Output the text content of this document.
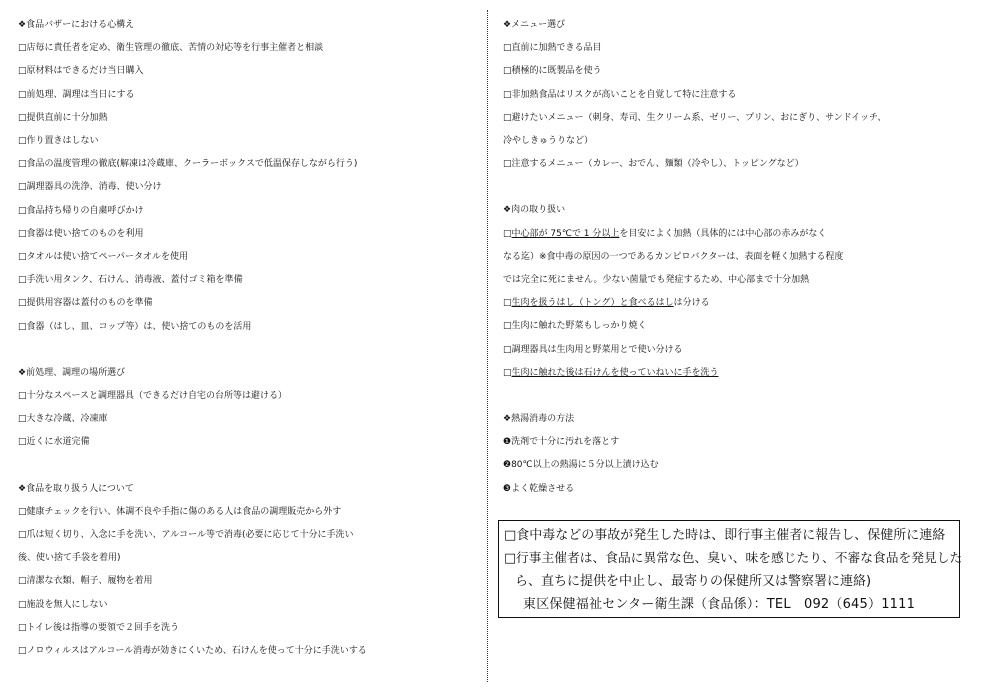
❖食品バザーにおける心構え
□店毎に責任者を定め、衛生管理の徹底、苦情の対応等を行事主催者と相談
□原材料はできるだけ当日購入
□前処理、調理は当日にする
□提供直前に十分加熱
□作り置きはしない
□食品の温度管理の徹底(解凍は冷蔵庫、クーラーボックスで低温保存しながら行う)
□調理器具の洗浄、消毒、使い分け
□食品持ち帰りの自粛呼びかけ
□食器は使い捨てのものを利用
□タオルは使い捨てペーパータオルを使用
□手洗い用タンク、石けん、消毒液、蓋付ゴミ箱を準備
□提供用容器は蓋付のものを準備
□食器（はし、皿、コップ等）は、使い捨てのものを活用
❖前処理、調理の場所選び
□十分なスペースと調理器具（できるだけ自宅の台所等は避ける）
□大きな冷蔵、冷凍庫
□近くに水道完備
❖食品を取り扱う人について
□健康チェックを行い、体調不良や手指に傷のある人は食品の調理販売から外す
□爪は短く切り、入念に手を洗い、アルコール等で消毒(必要に応じて十分に手洗い
後、使い捨て手袋を着用)
□清潔な衣類、帽子、履物を着用
□施設を無人にしない
□トイレ後は指導の要領で２回手を洗う
□ノロウィルスはアルコール消毒が効きにくいため、石けんを使って十分に手洗いする
❖メニュー選び
□直前に加熱できる品目
□積極的に既製品を使う
□非加熱食品はリスクが高いことを自覚して特に注意する
□避けたいメニュー（刺身、寿司、生クリーム系、ゼリー、プリン、おにぎり、サンドイッチ、
冷やしきゅうりなど）
□注意するメニュー（カレー、おでん、麺類（冷やし）、トッピングなど）
❖肉の取り扱い
□中心部が 75℃で 1 分以上を目安によく加熱（具体的には中心部の赤みがなく
なる迄）※食中毒の原因の一つであるカンピロバクターは、表面を軽く加熱する程度
では完全に死にません。少ない菌量でも発症するため、中心部まで十分加熱
□生肉を扱うはし（トング）と食べるはしは分ける
□生肉に触れた野菜もしっかり焼く
□調理器具は生肉用と野菜用とで使い分ける
□生肉に触れた後は石けんを使っていねいに手を洗う
❖熱湯消毒の方法
❶洗剤で十分に汚れを落とす
❷80℃以上の熱湯に５分以上漬け込む
❸よく乾燥させる
□食中毒などの事故が発生した時は、即行事主催者に報告し、保健所に連絡
□行事主催者は、食品に異常な色、臭い、味を感じたり、不審な食品を発見した
ら、直ちに提供を中止し、最寄りの保健所又は警察署に連絡)
東区保健福祉センター衛生課（食品係）：TEL　092（645）1111
